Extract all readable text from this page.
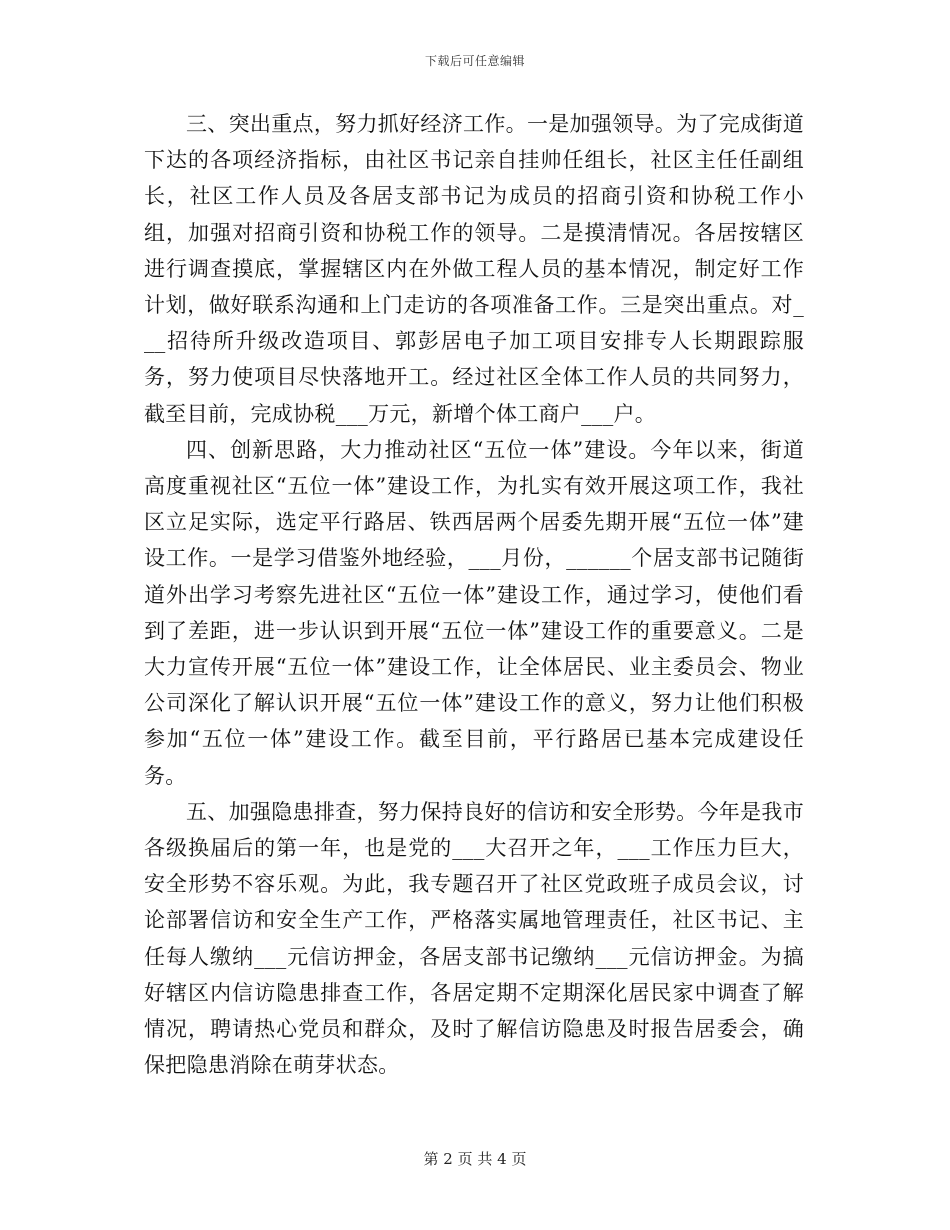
下载后可任意编辑

三、突出重点，努力抓好经济工作。一是加强领导。为了完成街道下达的各项经济指标，由社区书记亲自挂帅任组长，社区主任任副组长，社区工作人员及各居支部书记为成员的招商引资和协税工作小组，加强对招商引资和协税工作的领导。二是摸清情况。各居按辖区进行调查摸底，掌握辖区内在外做工程人员的基本情况，制定好工作计划，做好联系沟通和上门走访的各项准备工作。三是突出重点。对___招待所升级改造项目、郭彭居电子加工项目安排专人长期跟踪服务，努力使项目尽快落地开工。经过社区全体工作人员的共同努力，截至目前，完成协税___万元，新增个体工商户___户。

四、创新思路，大力推动社区“五位一体”建设。今年以来，街道高度重视社区“五位一体”建设工作，为扎实有效开展这项工作，我社区立足实际，选定平行路居、铁西居两个居委先期开展“五位一体”建设工作。一是学习借鉴外地经验，___月份，______个居支部书记随街道外出学习考察先进社区“五位一体”建设工作，通过学习，使他们看到了差距，进一步认识到开展“五位一体”建设工作的重要意义。二是大力宣传开展“五位一体”建设工作，让全体居民、业主委员会、物业公司深化了解认识开展“五位一体”建设工作的意义，努力让他们积极参加“五位一体”建设工作。截至目前，平行路居已基本完成建设任务。

五、加强隐患排查，努力保持良好的信访和安全形势。今年是我市各级换届后的第一年，也是党的___大召开之年，___工作压力巨大，安全形势不容乐观。为此，我专题召开了社区党政班子成员会议，讨论部署信访和安全生产工作，严格落实属地管理责任，社区书记、主任每人缴纳___元信访押金，各居支部书记缴纳___元信访押金。为搞好辖区内信访隐患排查工作，各居定期不定期深化居民家中调查了解情况，聘请热心党员和群众，及时了解信访隐患及时报告居委会，确保把隐患消除在萌芽状态。

第 2 页 共 4 页
